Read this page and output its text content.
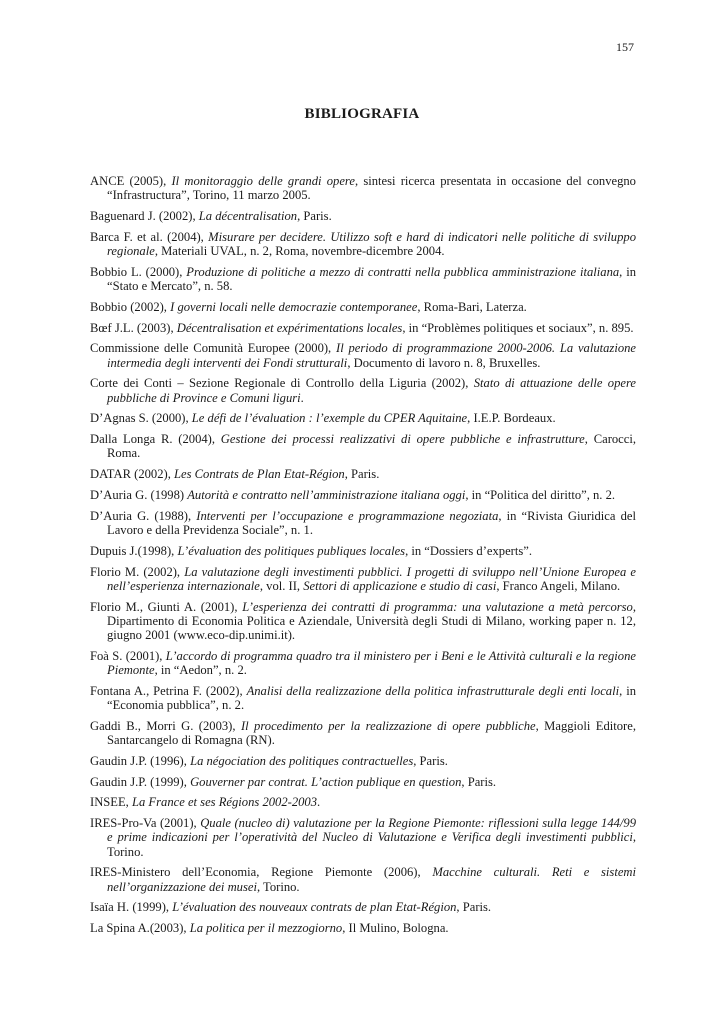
157
BIBLIOGRAFIA

ANCE (2005), Il monitoraggio delle grandi opere, sintesi ricerca presentata in occasione del convegno “Infrastructura”, Torino, 11 marzo 2005.

Baguenard J. (2002), La décentralisation, Paris.

Barca F. et al. (2004), Misurare per decidere. Utilizzo soft e hard di indicatori nelle politiche di sviluppo regionale, Materiali UVAL, n. 2, Roma, novembre-dicembre 2004.

Bobbio L. (2000), Produzione di politiche a mezzo di contratti nella pubblica amministrazione italiana, in “Stato e Mercato”, n. 58.

Bobbio (2002), I governi locali nelle democrazie contemporanee, Roma-Bari, Laterza.

Bœf J.L. (2003), Décentralisation et expérimentations locales, in “Problèmes politiques et sociaux”, n. 895.

Commissione delle Comunità Europee (2000), Il periodo di programmazione 2000-2006. La valutazione intermedia degli interventi dei Fondi strutturali, Documento di lavoro n. 8, Bruxelles.

Corte dei Conti – Sezione Regionale di Controllo della Liguria (2002), Stato di attuazione delle opere pubbliche di Province e Comuni liguri.

D’Agnas S. (2000), Le défi de l’évaluation : l’exemple du CPER Aquitaine, I.E.P. Bordeaux.

Dalla Longa R. (2004), Gestione dei processi realizzativi di opere pubbliche e infrastrutture, Carocci, Roma.

DATAR (2002), Les Contrats de Plan Etat-Région, Paris.

D’Auria G. (1998) Autorità e contratto nell’amministrazione italiana oggi, in “Politica del diritto”, n. 2.

D’Auria G. (1988), Interventi per l’occupazione e programmazione negoziata, in “Rivista Giuridica del Lavoro e della Previdenza Sociale”, n. 1.

Dupuis J.(1998), L’évaluation des politiques publiques locales, in “Dossiers d’experts”.

Florio M. (2002), La valutazione degli investimenti pubblici. I progetti di sviluppo nell’Unione Europea e nell’esperienza internazionale, vol. II, Settori di applicazione e studio di casi, Franco Angeli, Milano.

Florio M., Giunti A. (2001), L’esperienza dei contratti di programma: una valutazione a metà percorso, Dipartimento di Economia Politica e Aziendale, Università degli Studi di Milano, working paper n. 12, giugno 2001 (www.eco-dip.unimi.it).

Foà S. (2001), L’accordo di programma quadro tra il ministero per i Beni e le Attività culturali e la regione Piemonte, in “Aedon”, n. 2.

Fontana A., Petrina F. (2002), Analisi della realizzazione della politica infrastrutturale degli enti locali, in “Economia pubblica”, n. 2.

Gaddi B., Morri G. (2003), Il procedimento per la realizzazione di opere pubbliche, Maggioli Editore, Santarcangelo di Romagna (RN).

Gaudin J.P. (1996), La négociation des politiques contractuelles, Paris.

Gaudin J.P. (1999), Gouverner par contrat. L’action publique en question, Paris.

INSEE, La France et ses Régions 2002-2003.

IRES-Pro-Va (2001), Quale (nucleo di) valutazione per la Regione Piemonte: riflessioni sulla legge 144/99 e prime indicazioni per l’operatività del Nucleo di Valutazione e Verifica degli investimenti pubblici, Torino.

IRES-Ministero dell’Economia, Regione Piemonte (2006), Macchine culturali. Reti e sistemi nell’organizzazione dei musei, Torino.

Isaïa H. (1999), L’évaluation des nouveaux contrats de plan Etat-Région, Paris.

La Spina A.(2003), La politica per il mezzogiorno, Il Mulino, Bologna.
